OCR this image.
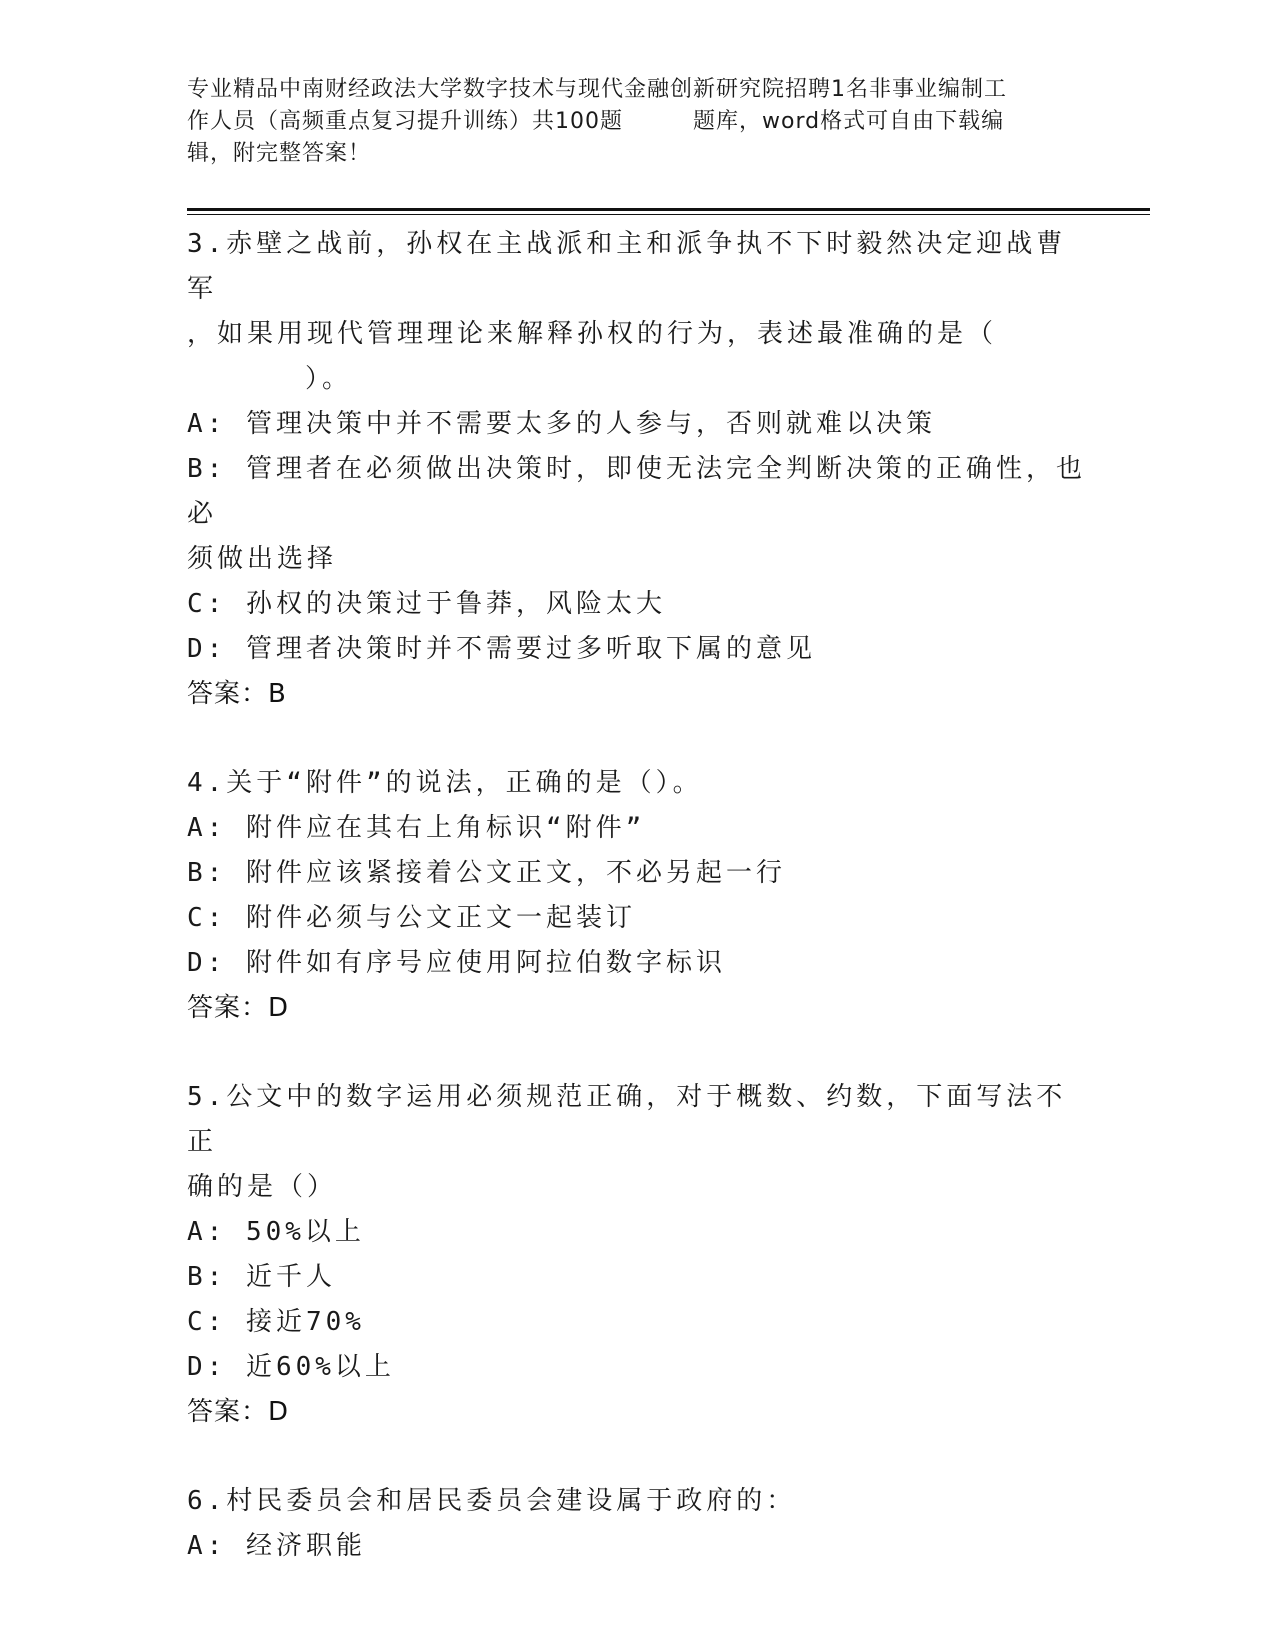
专业精品中南财经政法大学数字技术与现代金融创新研究院招聘1名非事业编制工
作人员（高频重点复习提升训练）共100题	题库，word格式可自由下载编
辑，附完整答案！
3.赤壁之战前，孙权在主战派和主和派争执不下时毅然决定迎战曹军
，如果用现代管理理论来解释孙权的行为，表述最准确的是（
）。
A: 管理决策中并不需要太多的人参与，否则就难以决策
B: 管理者在必须做出决策时，即使无法完全判断决策的正确性，也必
须做出选择
C: 孙权的决策过于鲁莽，风险太大
D: 管理者决策时并不需要过多听取下属的意见
答案：B
4.关于“附件”的说法，正确的是（）。
A: 附件应在其右上角标识“附件”
B: 附件应该紧接着公文正文，不必另起一行
C: 附件必须与公文正文一起装订
D: 附件如有序号应使用阿拉伯数字标识
答案：D
5.公文中的数字运用必须规范正确，对于概数、约数，下面写法不正
确的是（）
A: 50%以上
B: 近千人
C: 接近70%
D: 近60%以上
答案：D
6.村民委员会和居民委员会建设属于政府的：
A: 经济职能
